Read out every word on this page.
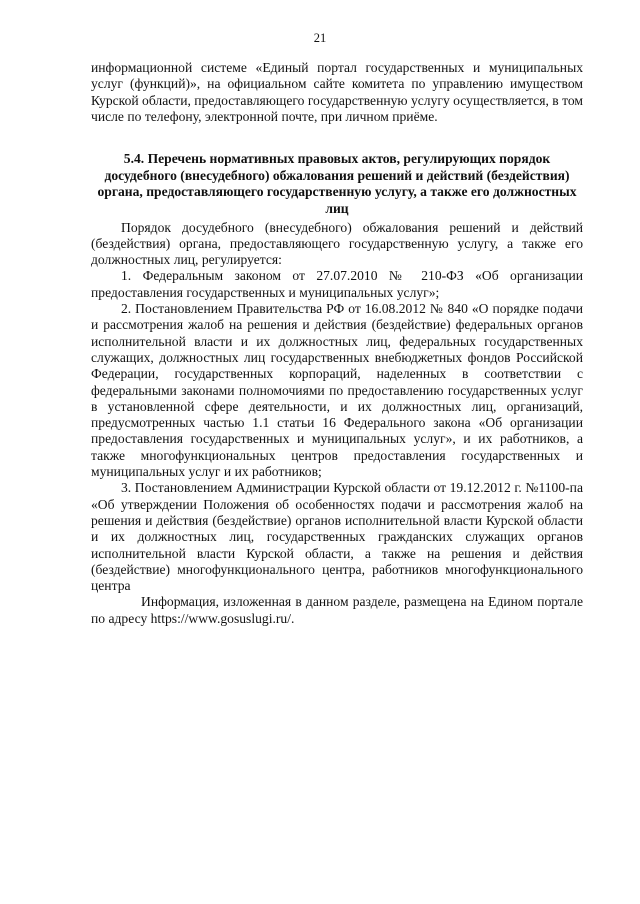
21

информационной системе «Единый портал государственных и муниципальных услуг (функций)», на официальном сайте комитета по управлению имуществом Курской области, предоставляющего государственную услугу осуществляется, в том числе по телефону, электронной почте, при личном приёме.

5.4. Перечень нормативных правовых актов, регулирующих порядок досудебного (внесудебного) обжалования решений и действий (бездействия) органа, предоставляющего государственную услугу, а также его должностных лиц

Порядок досудебного (внесудебного) обжалования решений и действий (бездействия) органа, предоставляющего государственную услугу, а также его должностных лиц, регулируется:

1. Федеральным законом от 27.07.2010 № 210-ФЗ «Об организации предоставления государственных и муниципальных услуг»;

2. Постановлением Правительства РФ от 16.08.2012 № 840 «О порядке подачи и рассмотрения жалоб на решения и действия (бездействие) федеральных органов исполнительной власти и их должностных лиц, федеральных государственных служащих, должностных лиц государственных внебюджетных фондов Российской Федерации, государственных корпораций, наделенных в соответствии с федеральными законами полномочиями по предоставлению государственных услуг в установленной сфере деятельности, и их должностных лиц, организаций, предусмотренных частью 1.1 статьи 16 Федерального закона «Об организации предоставления государственных и муниципальных услуг», и их работников, а также многофункциональных центров предоставления государственных и муниципальных услуг и их работников;

3. Постановлением Администрации Курской области от 19.12.2012 г. №1100-па «Об утверждении Положения об особенностях подачи и рассмотрения жалоб на решения и действия (бездействие) органов исполнительной власти Курской области и их должностных лиц, государственных гражданских служащих органов исполнительной власти Курской области, а также на решения и действия (бездействие) многофункционального центра, работников многофункционального центра

Информация, изложенная в данном разделе, размещена на Едином портале по адресу https://www.gosuslugi.ru/.
